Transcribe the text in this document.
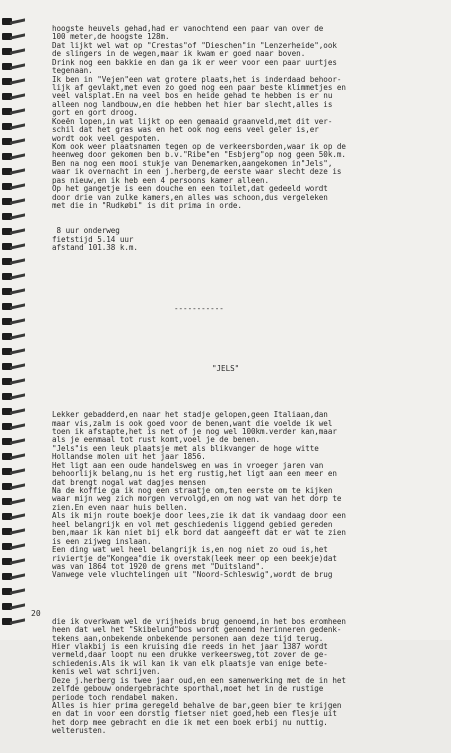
hoogste heuvels gehad,had er vanochtend een paar van over de
100 meter,de hoogste 128m.
Dat lijkt wel wat op "Crestas"of "Dieschen"in "Lenzerheide",ook
de slingers in de wegen,maar ik kwam er goed naar boven.
Drink nog een bakkie en dan ga ik er weer voor een paar uurtjes
tegenaan.
Ik ben in "Vejen"een wat grotere plaats,het is inderdaad behoor-
lijk af gevlakt,met even zo goed nog een paar beste klimmetjes en
veel valsplat.En na veel bos en heide gehad te hebben is er nu
alleen nog landbouw,en die hebben het hier bar slecht,alles is
gort en gort droog.
Koeën lopen,in wat lijkt op een gemaaid graanveld,met dit ver-
schil dat het gras was en het ook nog eens veel geler is,er
wordt ook veel gespoten.
Kom ook weer plaatsnamen tegen op de verkeersborden,waar ik op de
heenweg door gekomen ben b.v."Ribe"en "Esbjerg"op nog geen 50k.m.
Ben na nog een mooi stukje van Denemarken,aangekomen in"Jels",
waar ik overnacht in een j.herberg,de eerste waar slecht deze is
pas nieuw,en ik heb een 4 persoons kamer alleen.
Op het gangetje is een douche en een toilet,dat gedeeld wordt
door drie van zulke kamers,en alles was schoon,dus vergeleken
met die in "Rudkøbi" is dit prima in orde.

8 uur onderweg
fietstijd 5.14 uur
afstand 101.38 k.m.

-----------

"JELS"

Lekker gebadderd,en naar het stadje gelopen,geen Italiaan,dan
maar vis,zalm is ook goed voor de benen,want die voelde ik wel
toen ik afstapte,het is net of je nog wel 100km.verder kan,maar
als je eenmaal tot rust komt,voel je de benen.
"Jels"is een leuk plaatsje met als blikvanger de hoge witte
Hollandse molen uit het jaar 1856.
Het ligt aan een oude handelsweg en was in vroeger jaren van
behoorlijk belang,nu is het erg rustig,het ligt aan een meer en
dat brengt nogal wat dagjes mensen
Na de koffie ga ik nog een straatje om,ten eerste om te kijken
waar mijn weg zich morgen vervolgd,en om nog wat van het dorp te
zien.En even naar huis bellen.
Als ik mijn route boekje door lees,zie ik dat ik vandaag door een
heel belangrijk en vol met geschiedenis liggend gebied gereden
ben,maar ik kan niet bij elk bord dat aangeeft dat er wat te zien
is een zijweg inslaan.
Een ding wat wel heel belangrijk is,en nog niet zo oud is,het
riviertje de"Kongea"die ik overstak(leek meer op een beekje)dat
was van 1864 tot 1920 de grens met "Duitsland".
Vanwege vele vluchtelingen uit "Noord-Schleswig",wordt de brug

die ik overkwam wel de vrijheids brug genoemd,in het bos eromheen
heen dat wel het "Skibelund"bos wordt genoemd herinneren gedenk-
tekens aan,onbekende onbekende personen aan deze tijd terug.
Hier vlakbij is een kruising die reeds in het jaar 1387 wordt
vermeld,daar loopt nu een drukke verkeersweg,tot zover de ge-
schiedenis.Als ik wil kan ik van elk plaatsje van enige bete-
kenis wel wat schrijven.
Deze j.herberg is twee jaar oud,en een samenwerking met de in het
zelfde gebouw ondergebrachte sporthal,moet het in de rustige
periode toch rendabel maken.
Alles is hier prima geregeld behalve de bar,geen bier te krijgen
en dat in voor een dorstig fietser niet goed,heb een flesje uit
het dorp mee gebracht en die ik met een boek erbij nu nuttig.
welterusten.

20
